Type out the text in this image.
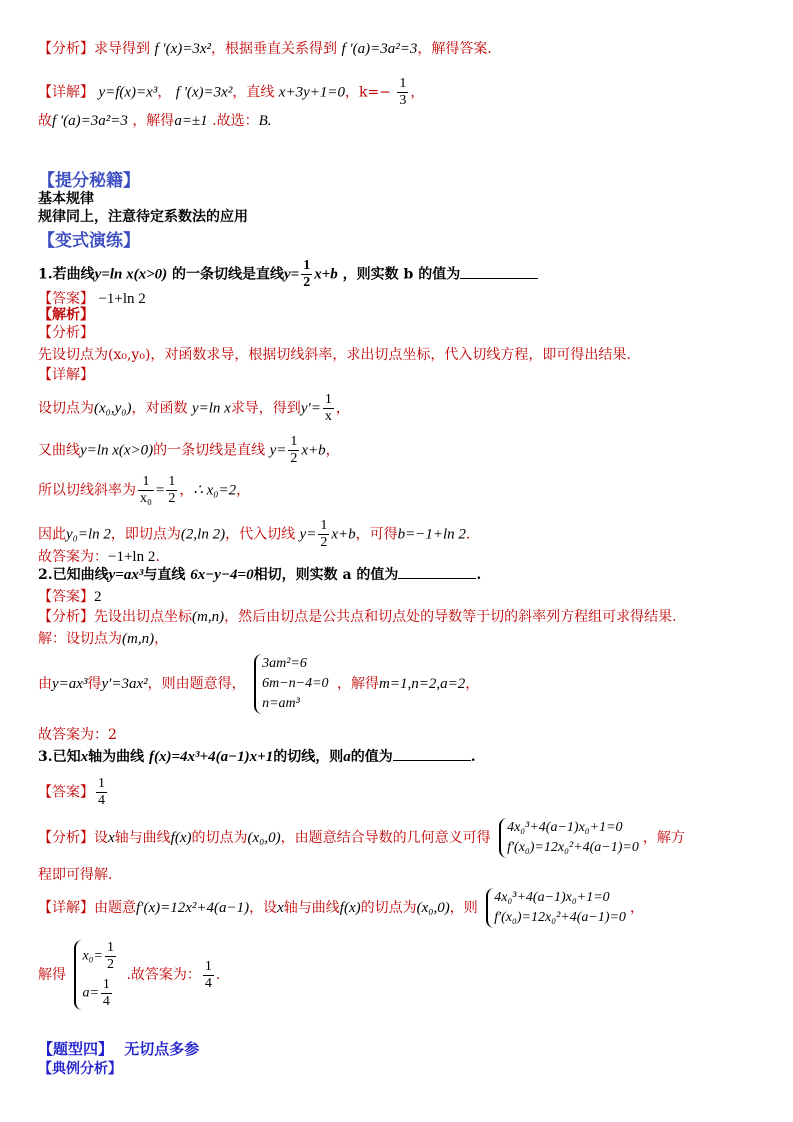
【分析】求导得到 f '(x)=3x²，根据垂直关系得到 f '(a)=3a²=3，解得答案.
【详解】 y=f(x)=x³， f '(x)=3x²，直线 x+3y+1=0，$k=- \frac{1}{3}$ ，
故f '(a)=3a²=3 ，解得a=±1 .故选：B.
【提分秘籍】
基本规律
规律同上，注意待定系数法的应用
【变式演练】
1.若曲线y=ln x(x>0) 的一条切线是直线$y= \frac{1}{2} x+b$ ，则实数 b 的值为
【答案】 −1+ln 2
【解析】
【分析】
先设切点为(x₀,y₀)，对函数求导，根据切线斜率，求出切点坐标，代入切线方程，即可得出结果.
【详解】
设切点为(x₀,y₀)，对函数 y=ln x求导，得到$y'= \frac{1}{x}$ ，
又曲线y=ln x(x>0)的一条切线是直线 $y= \frac{1}{2} x+b$，
所以切线斜率为 $\frac{1}{\text{x₀}} = \frac{1}{2}$ ，∴ x₀=2，
因此y₀=ln 2，即切点为(2,ln 2)，代入切线 $y= \frac{1}{2} x+b$，可得b=−1+ln 2.
故答案为：−1+ln 2.
2.已知曲线y=ax³与直线 6x−y−4=0相切，则实数 a 的值为	.
【答案】2
【分析】先设出切点坐标(m,n)，然后由切点是公共点和切点处的导数等于切的斜率列方程组可求得结果.
解：设切点为(m,n)，
由y=ax³得y′=3ax²，则由题意得，
3am²=6
6m−n−4=0
n=am³
，解得m=1,n=2,a=2，
故答案为：2
3.已知x轴为曲线 f(x)=4x³+4(a−1)x+1的切线，则a的值为	.
【答案】 $\frac{1}{4}$
【分析】设x轴与曲线f(x)的切点为(x₀,0)，由题意结合导数的几何意义可得
4x₀³+4(a−1)x₀+1=0
f′(x₀)=12x₀²+4(a−1)=0
，解方
程即可得解.
【详解】由题意f′(x)=12x²+4(a−1)，设x轴与曲线f(x)的切点为(x₀,0)，则
4x₀³+4(a−1)x₀+1=0
f′(x₀)=12x₀²+4(a−1)=0
，
解得
$x_0= \frac{1}{2}$
$a= \frac{1}{4}$
.故答案为： $\frac{1}{4}$ .
【题型四】 无切点多参
【典例分析】
